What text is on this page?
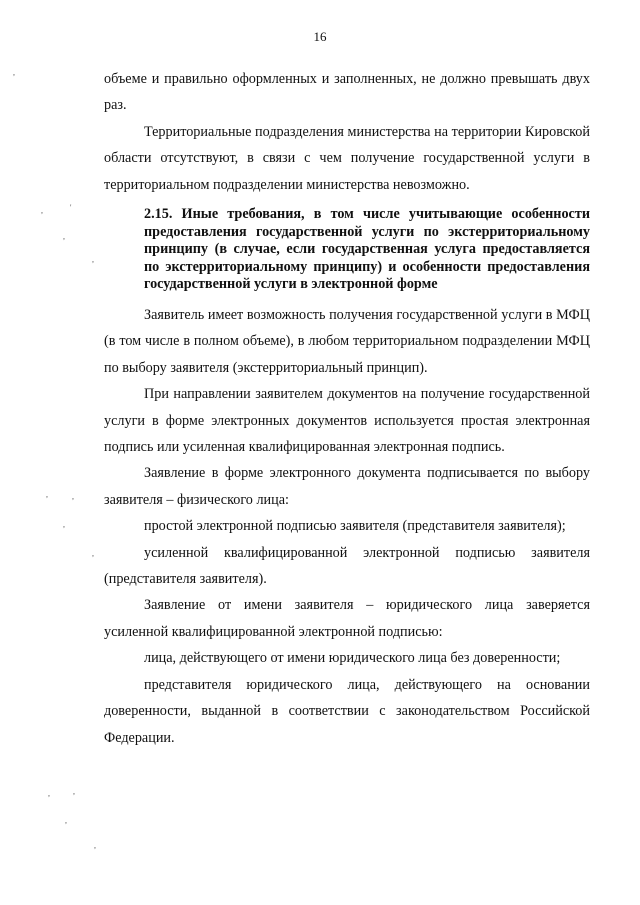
16
,
,	'
,
,
,	,
,
,
,	,
,
,

объеме и правильно оформленных и заполненных, не должно превышать двух раз.

Территориальные подразделения министерства на территории Кировской области отсутствуют, в связи с чем получение государственной услуги в территориальном подразделении министерства невозможно.

2.15. Иные требования, в том числе учитывающие особенности предоставления государственной услуги по экстерриториальному принципу (в случае, если государственная услуга предоставляется по экстерриториальному принципу) и особенности предоставления государственной услуги в электронной форме

Заявитель имеет возможность получения государственной услуги в МФЦ (в том числе в полном объеме), в любом территориальном подразделении МФЦ по выбору заявителя (экстерриториальный принцип).

При направлении заявителем документов на получение государственной услуги в форме электронных документов используется простая электронная подпись или усиленная квалифицированная электронная подпись.

Заявление в форме электронного документа подписывается по выбору заявителя – физического лица:

простой электронной подписью заявителя (представителя заявителя);

усиленной квалифицированной электронной подписью заявителя (представителя заявителя).

Заявление от имени заявителя – юридического лица заверяется усиленной квалифицированной электронной подписью:

лица, действующего от имени юридического лица без доверенности;

представителя юридического лица, действующего на основании доверенности, выданной в соответствии с законодательством Российской Федерации.
